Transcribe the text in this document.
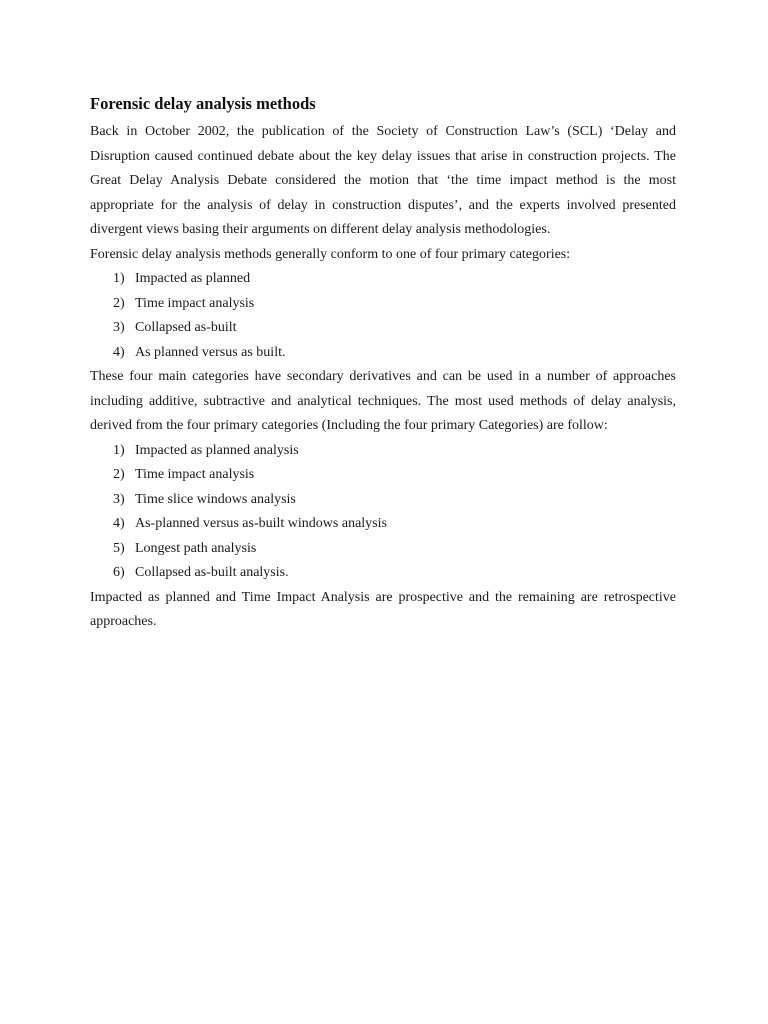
Forensic delay analysis methods

Back in October 2002, the publication of the Society of Construction Law’s (SCL) ‘Delay and Disruption caused continued debate about the key delay issues that arise in construction projects. The Great Delay Analysis Debate considered the motion that ‘the time impact method is the most appropriate for the analysis of delay in construction disputes’, and the experts involved presented divergent views basing their arguments on different delay analysis methodologies.

Forensic delay analysis methods generally conform to one of four primary categories:

1) Impacted as planned
2) Time impact analysis
3) Collapsed as-built
4) As planned versus as built.

These four main categories have secondary derivatives and can be used in a number of approaches including additive, subtractive and analytical techniques. The most used methods of delay analysis, derived from the four primary categories (Including the four primary Categories) are follow:

1) Impacted as planned analysis
2) Time impact analysis
3) Time slice windows analysis
4) As-planned versus as-built windows analysis
5) Longest path analysis
6) Collapsed as-built analysis.

Impacted as planned and Time Impact Analysis are prospective and the remaining are retrospective approaches.
